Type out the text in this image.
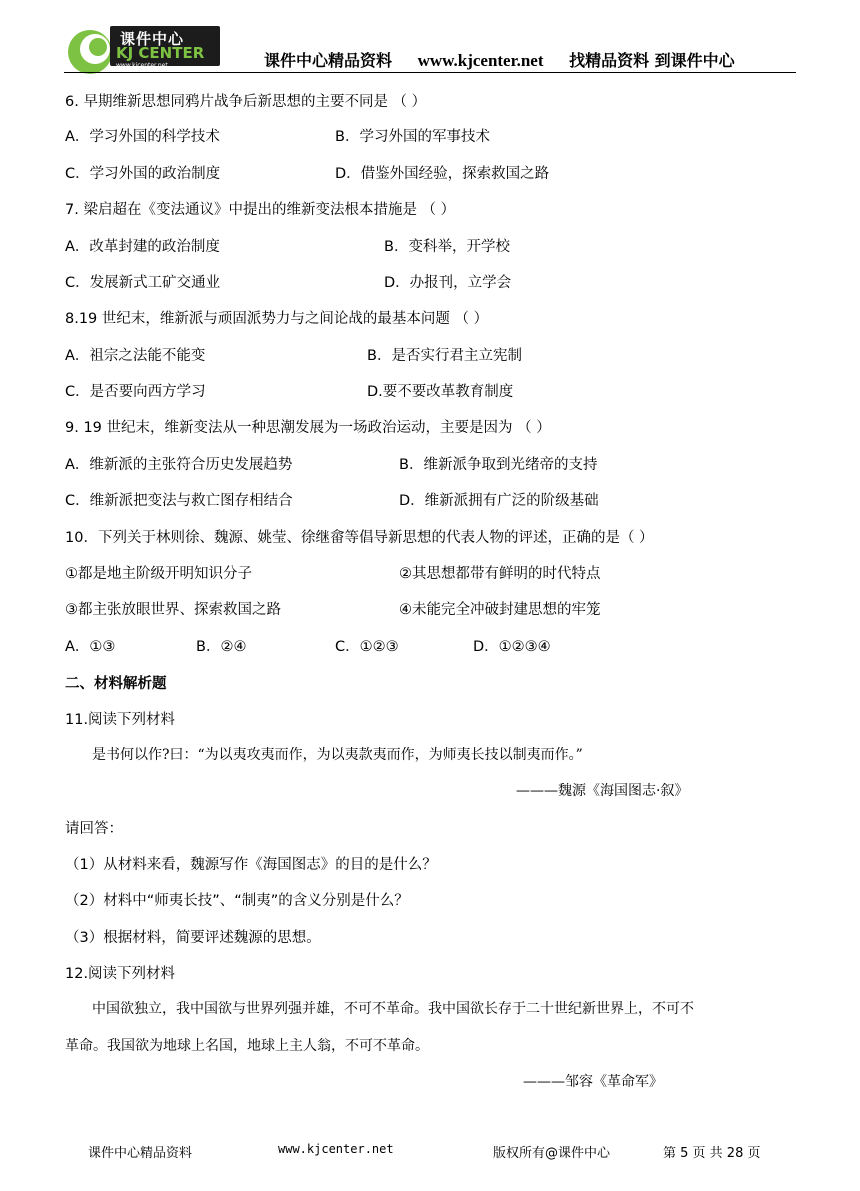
课件中心
KJ CENTER
www.kjcenter.net	课件中心精品资料 www.kjcenter.net 找精品资料 到课件中心
6. 早期维新思想同鸦片战争后新思想的主要不同是 （ ）
A．学习外国的科学技术	B．学习外国的军事技术
C．学习外国的政治制度	D．借鉴外国经验，探索救国之路
7. 梁启超在《变法通议》中提出的维新变法根本措施是 （ ）
A．改革封建的政治制度	B．变科举，开学校
C．发展新式工矿交通业	D．办报刊，立学会
8.19 世纪末，维新派与顽固派势力与之间论战的最基本问题 （ ）
A．祖宗之法能不能变	B．是否实行君主立宪制
C．是否要向西方学习	D.要不要改革教育制度
9. 19 世纪末，维新变法从一种思潮发展为一场政治运动，主要是因为 （ ）
A．维新派的主张符合历史发展趋势	B．维新派争取到光绪帝的支持
C．维新派把变法与救亡图存相结合	D．维新派拥有广泛的阶级基础
10．下列关于林则徐、魏源、姚莹、徐继畲等倡导新思想的代表人物的评述，正确的是（ ）
①都是地主阶级开明知识分子	②其思想都带有鲜明的时代特点
③都主张放眼世界、探索救国之路	④未能完全冲破封建思想的牢笼
A．①③	B．②④	C．①②③	D．①②③④
二、材料解析题
11.阅读下列材料
是书何以作?曰：“为以夷攻夷而作，为以夷款夷而作，为师夷长技以制夷而作。”
———魏源《海国图志·叙》
请回答：
（1）从材料来看，魏源写作《海国图志》的目的是什么？
（2）材料中“师夷长技”、“制夷”的含义分别是什么？
（3）根据材料，简要评述魏源的思想。
12.阅读下列材料
中国欲独立，我中国欲与世界列强并雄，不可不革命。我中国欲长存于二十世纪新世界上，不可不
革命。我国欲为地球上名国，地球上主人翁，不可不革命。
———邹容《革命军》
课件中心精品资料	www.kjcenter.net	版权所有@课件中心	第 5 页 共 28 页
